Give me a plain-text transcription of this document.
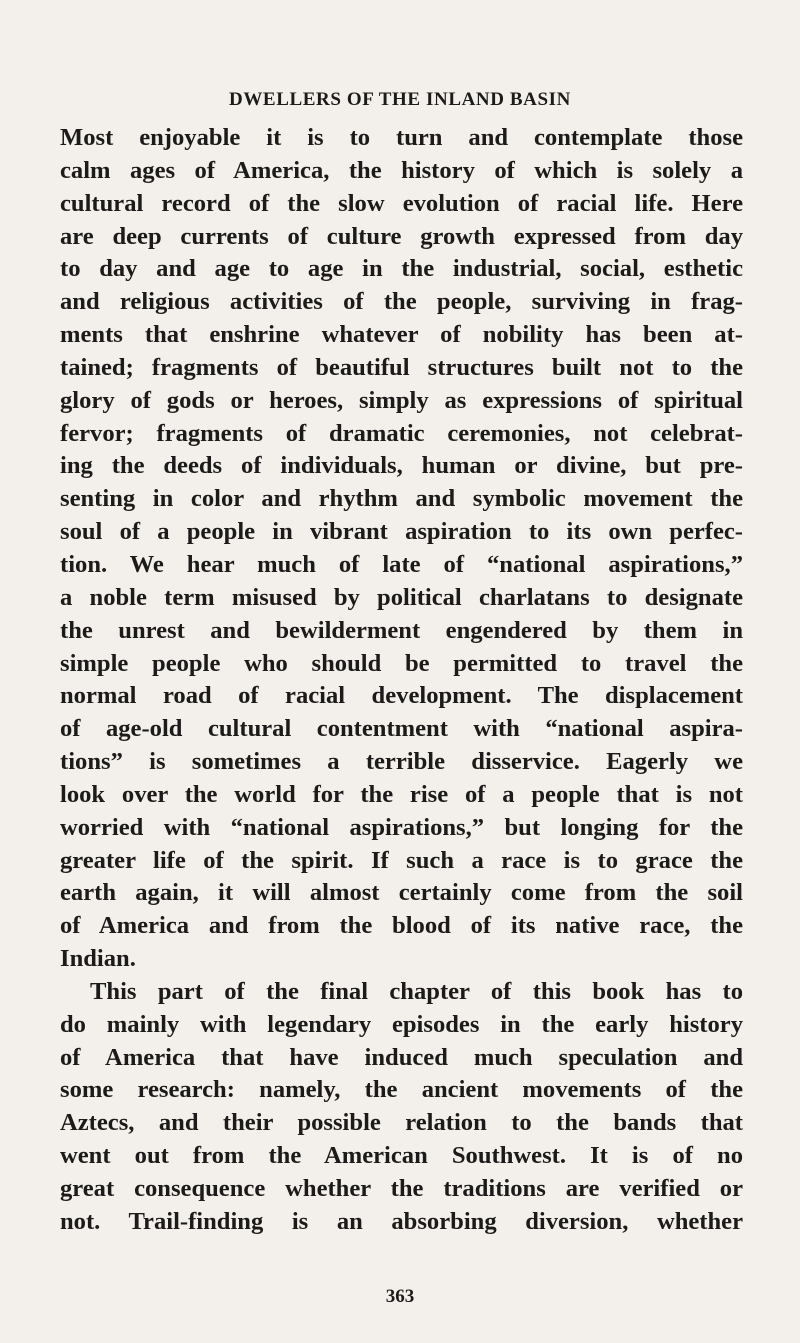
DWELLERS OF THE INLAND BASIN
Most enjoyable it is to turn and contemplate those
calm ages of America, the history of which is solely a
cultural record of the slow evolution of racial life. Here
are deep currents of culture growth expressed from day
to day and age to age in the industrial, social, esthetic
and religious activities of the people, surviving in frag-
ments that enshrine whatever of nobility has been at-
tained; fragments of beautiful structures built not to the
glory of gods or heroes, simply as expressions of spiritual
fervor; fragments of dramatic ceremonies, not celebrat-
ing the deeds of individuals, human or divine, but pre-
senting in color and rhythm and symbolic movement the
soul of a people in vibrant aspiration to its own perfec-
tion. We hear much of late of “national aspirations,”
a noble term misused by political charlatans to designate
the unrest and bewilderment engendered by them in
simple people who should be permitted to travel the
normal road of racial development. The displacement
of age-old cultural contentment with “national aspira-
tions” is sometimes a terrible disservice. Eagerly we
look over the world for the rise of a people that is not
worried with “national aspirations,” but longing for the
greater life of the spirit. If such a race is to grace the
earth again, it will almost certainly come from the soil
of America and from the blood of its native race, the
Indian.
This part of the final chapter of this book has to
do mainly with legendary episodes in the early history
of America that have induced much speculation and
some research: namely, the ancient movements of the
Aztecs, and their possible relation to the bands that
went out from the American Southwest. It is of no
great consequence whether the traditions are verified or
not. Trail-finding is an absorbing diversion, whether
363
